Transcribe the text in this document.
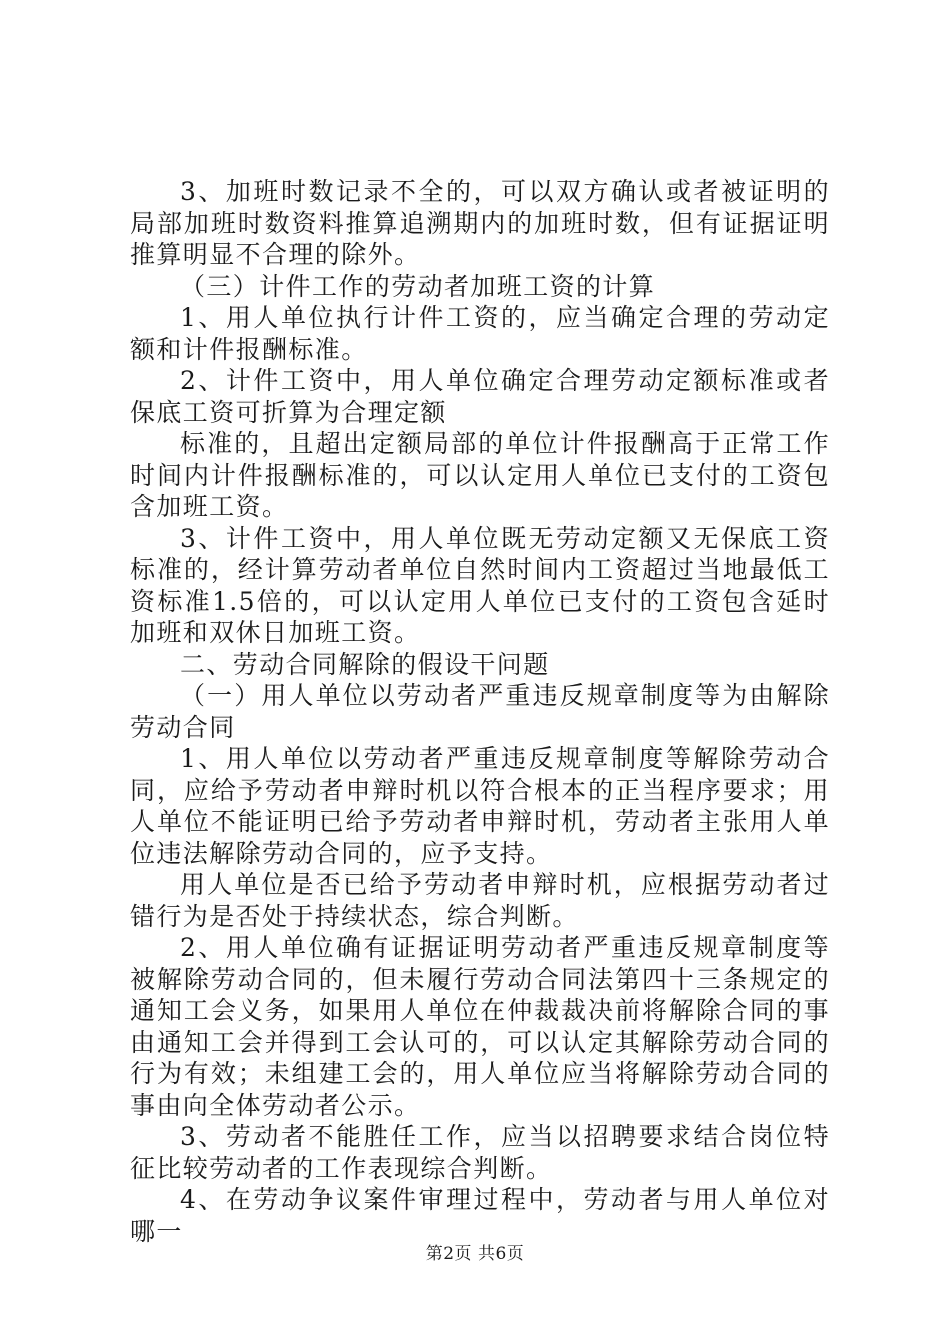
3、加班时数记录不全的，可以双方确认或者被证明的局部加班时数资料推算追溯期内的加班时数，但有证据证明推算明显不合理的除外。

（三）计件工作的劳动者加班工资的计算

1、用人单位执行计件工资的，应当确定合理的劳动定额和计件报酬标准。

2、计件工资中，用人单位确定合理劳动定额标准或者保底工资可折算为合理定额

标准的，且超出定额局部的单位计件报酬高于正常工作时间内计件报酬标准的，可以认定用人单位已支付的工资包含加班工资。

3、计件工资中，用人单位既无劳动定额又无保底工资标准的，经计算劳动者单位自然时间内工资超过当地最低工资标准1.5倍的，可以认定用人单位已支付的工资包含延时加班和双休日加班工资。

二、劳动合同解除的假设干问题

（一）用人单位以劳动者严重违反规章制度等为由解除劳动合同

1、用人单位以劳动者严重违反规章制度等解除劳动合同，应给予劳动者申辩时机以符合根本的正当程序要求；用人单位不能证明已给予劳动者申辩时机，劳动者主张用人单位违法解除劳动合同的，应予支持。

用人单位是否已给予劳动者申辩时机，应根据劳动者过错行为是否处于持续状态，综合判断。

2、用人单位确有证据证明劳动者严重违反规章制度等被解除劳动合同的，但未履行劳动合同法第四十三条规定的通知工会义务，如果用人单位在仲裁裁决前将解除合同的事由通知工会并得到工会认可的，可以认定其解除劳动合同的行为有效；未组建工会的，用人单位应当将解除劳动合同的事由向全体劳动者公示。

3、劳动者不能胜任工作，应当以招聘要求结合岗位特征比较劳动者的工作表现综合判断。

4、在劳动争议案件审理过程中，劳动者与用人单位对哪一

第2页 共6页
